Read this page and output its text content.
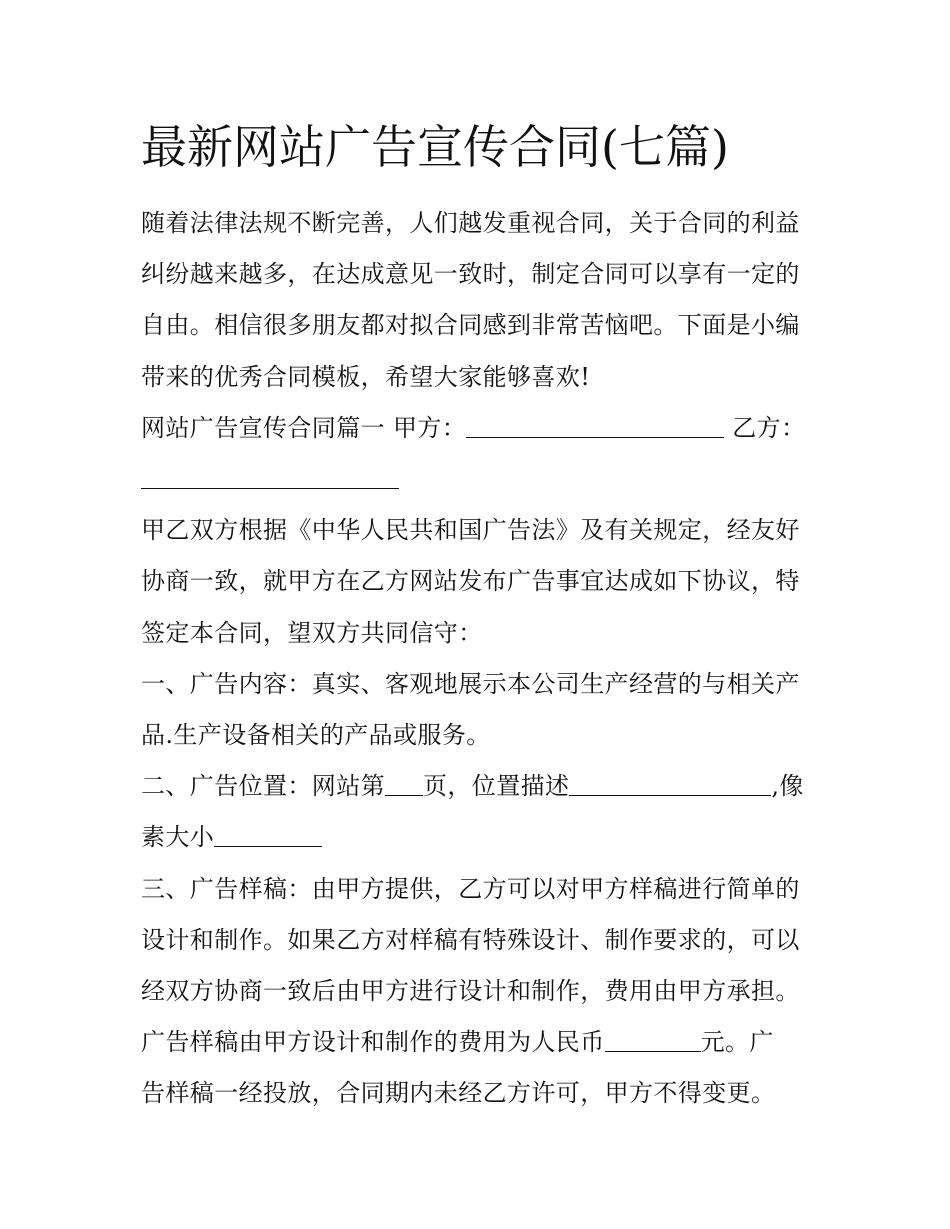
最新网站广告宣传合同(七篇)

随着法律法规不断完善，人们越发重视合同，关于合同的利益
纠纷越来越多，在达成意见一致时，制定合同可以享有一定的
自由。相信很多朋友都对拟合同感到非常苦恼吧。下面是小编
带来的优秀合同模板，希望大家能够喜欢!

网站广告宣传合同篇一 甲方：	乙方：

甲乙双方根据《中华人民共和国广告法》及有关规定，经友好
协商一致，就甲方在乙方网站发布广告事宜达成如下协议，特
签定本合同，望双方共同信守：

一、广告内容：真实、客观地展示本公司生产经营的与相关产
品.生产设备相关的产品或服务。

二、广告位置：网站第 页，位置描述	,像
素大小

三、广告样稿：由甲方提供，乙方可以对甲方样稿进行简单的
设计和制作。如果乙方对样稿有特殊设计、制作要求的，可以
经双方协商一致后由甲方进行设计和制作，费用由甲方承担。
广告样稿由甲方设计和制作的费用为人民币	元。广
告样稿一经投放，合同期内未经乙方许可，甲方不得变更。
